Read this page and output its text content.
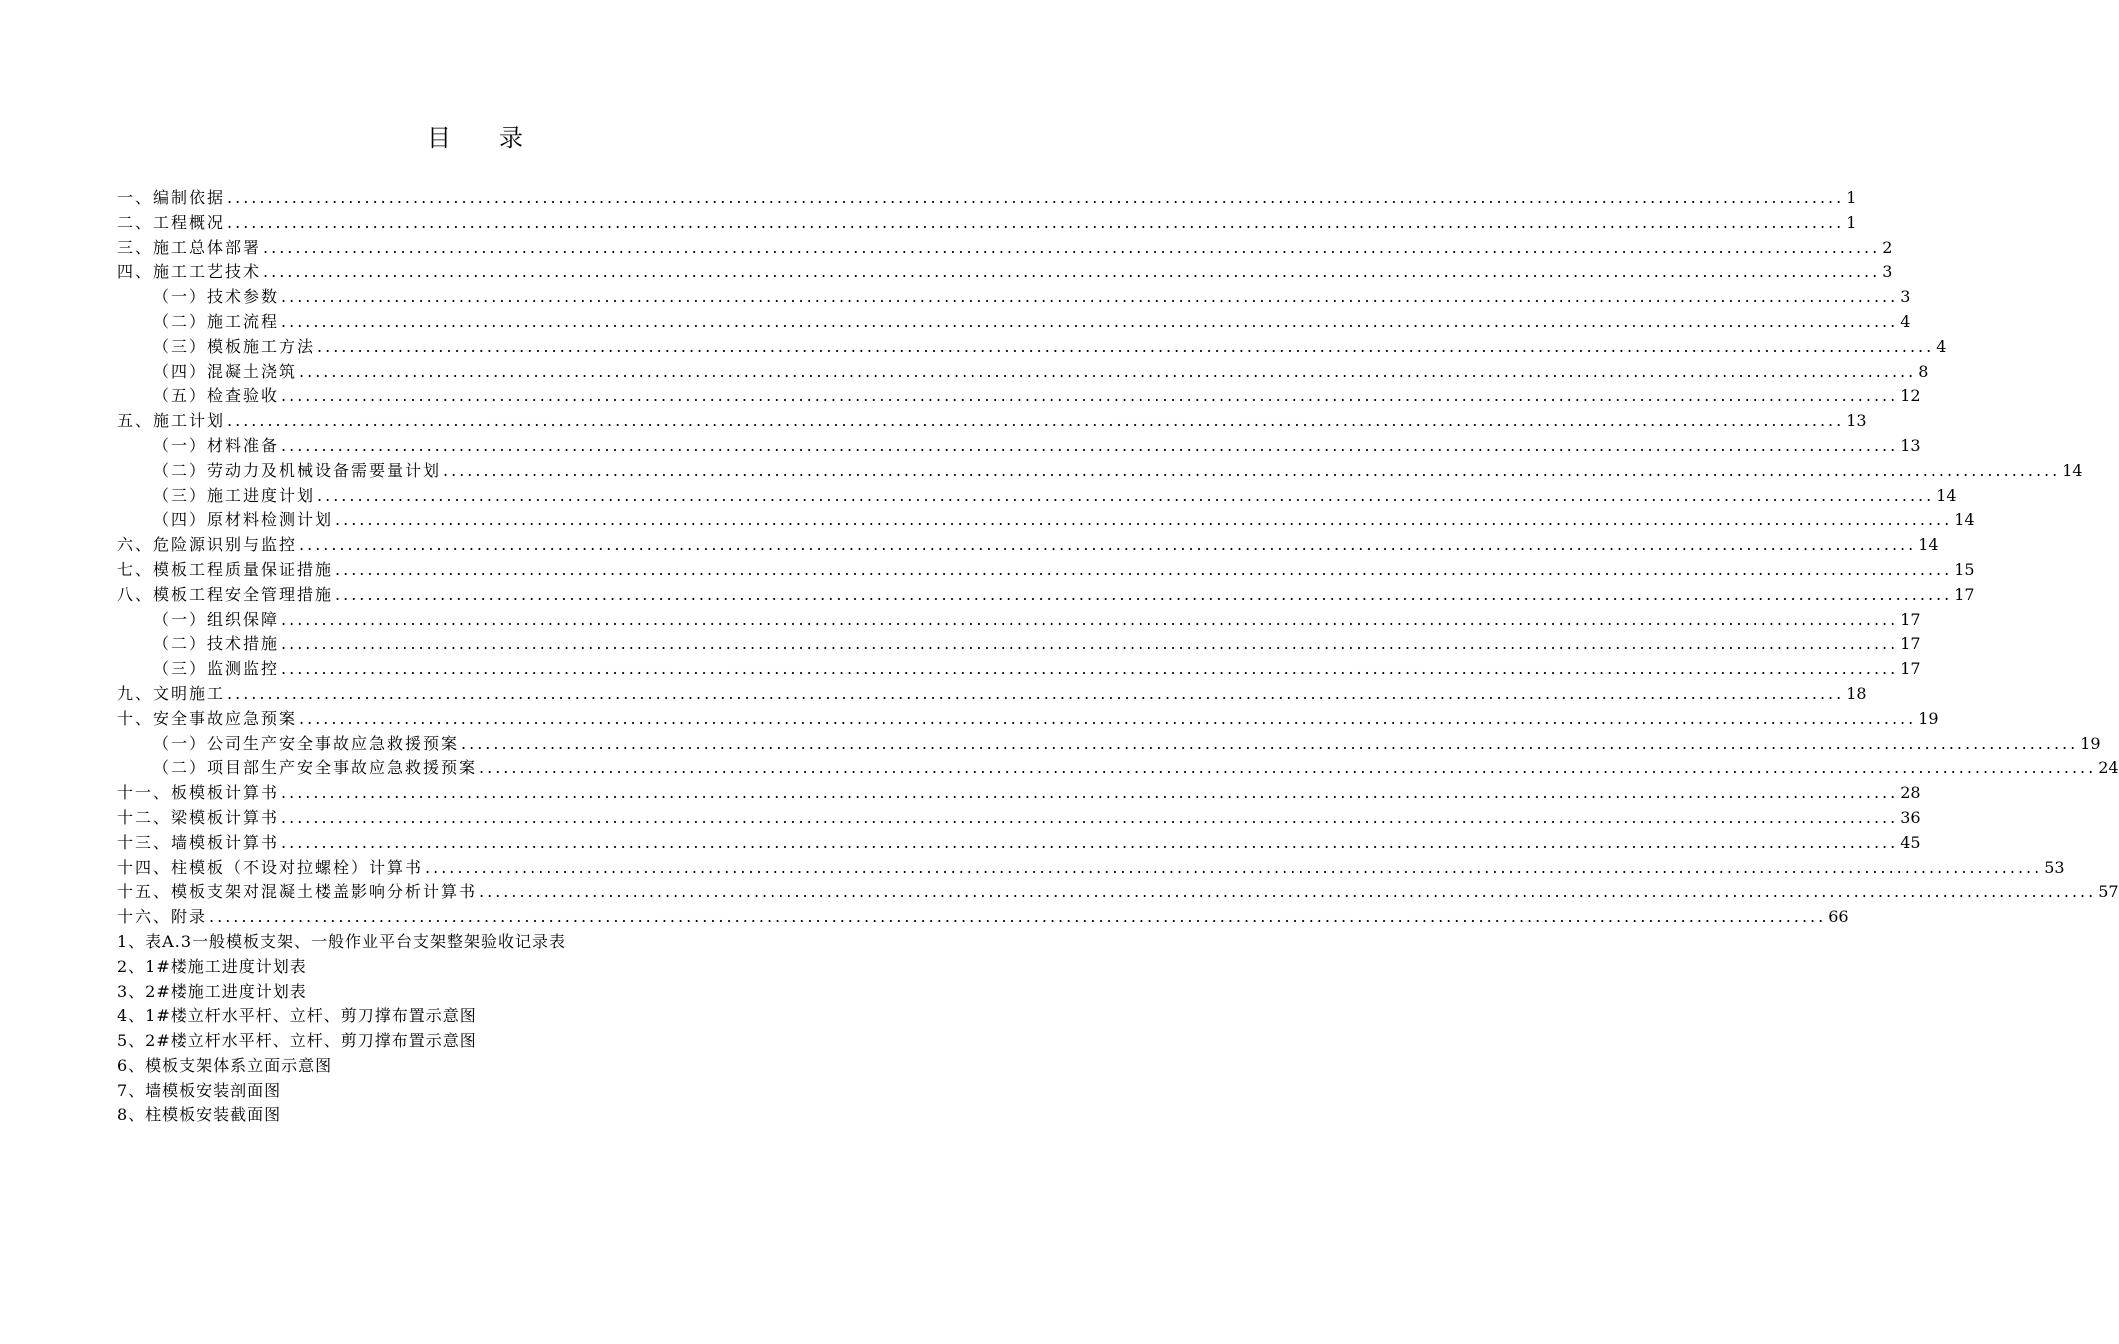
目录
一、编制依据 ........................................................................................................................................................................................................ 1
二、工程概况 ........................................................................................................................................................................................................ 1
三、施工总体部署 ........................................................................................................................................................................................................ 2
四、施工工艺技术 ........................................................................................................................................................................................................ 3
（一）技术参数 ........................................................................................................................................................................................................ 3
（二）施工流程 ........................................................................................................................................................................................................ 4
（三）模板施工方法 ........................................................................................................................................................................................................ 4
（四）混凝土浇筑 ........................................................................................................................................................................................................ 8
（五）检查验收 ........................................................................................................................................................................................................ 12
五、施工计划 ........................................................................................................................................................................................................ 13
（一）材料准备 ........................................................................................................................................................................................................ 13
（二）劳动力及机械设备需要量计划 ........................................................................................................................................................................................................ 14
（三）施工进度计划 ........................................................................................................................................................................................................ 14
（四）原材料检测计划 ........................................................................................................................................................................................................ 14
六、危险源识别与监控 ........................................................................................................................................................................................................ 14
七、模板工程质量保证措施 ........................................................................................................................................................................................................ 15
八、模板工程安全管理措施 ........................................................................................................................................................................................................ 17
（一）组织保障 ........................................................................................................................................................................................................ 17
（二）技术措施 ........................................................................................................................................................................................................ 17
（三）监测监控 ........................................................................................................................................................................................................ 17
九、文明施工 ........................................................................................................................................................................................................ 18
十、安全事故应急预案 ........................................................................................................................................................................................................ 19
（一）公司生产安全事故应急救援预案 ........................................................................................................................................................................................................ 19
（二）项目部生产安全事故应急救援预案 ........................................................................................................................................................................................................ 24
十一、板模板计算书 ........................................................................................................................................................................................................ 28
十二、梁模板计算书 ........................................................................................................................................................................................................ 36
十三、墙模板计算书 ........................................................................................................................................................................................................ 45
十四、柱模板（不设对拉螺栓）计算书 ........................................................................................................................................................................................................ 53
十五、模板支架对混凝土楼盖影响分析计算书 ........................................................................................................................................................................................................ 57
十六、附录 ........................................................................................................................................................................................................ 66
1、表A.3一般模板支架、一般作业平台支架整架验收记录表
2、1#楼施工进度计划表
3、2#楼施工进度计划表
4、1#楼立杆水平杆、立杆、剪刀撑布置示意图
5、2#楼立杆水平杆、立杆、剪刀撑布置示意图
6、模板支架体系立面示意图
7、墙模板安装剖面图
8、柱模板安装截面图
